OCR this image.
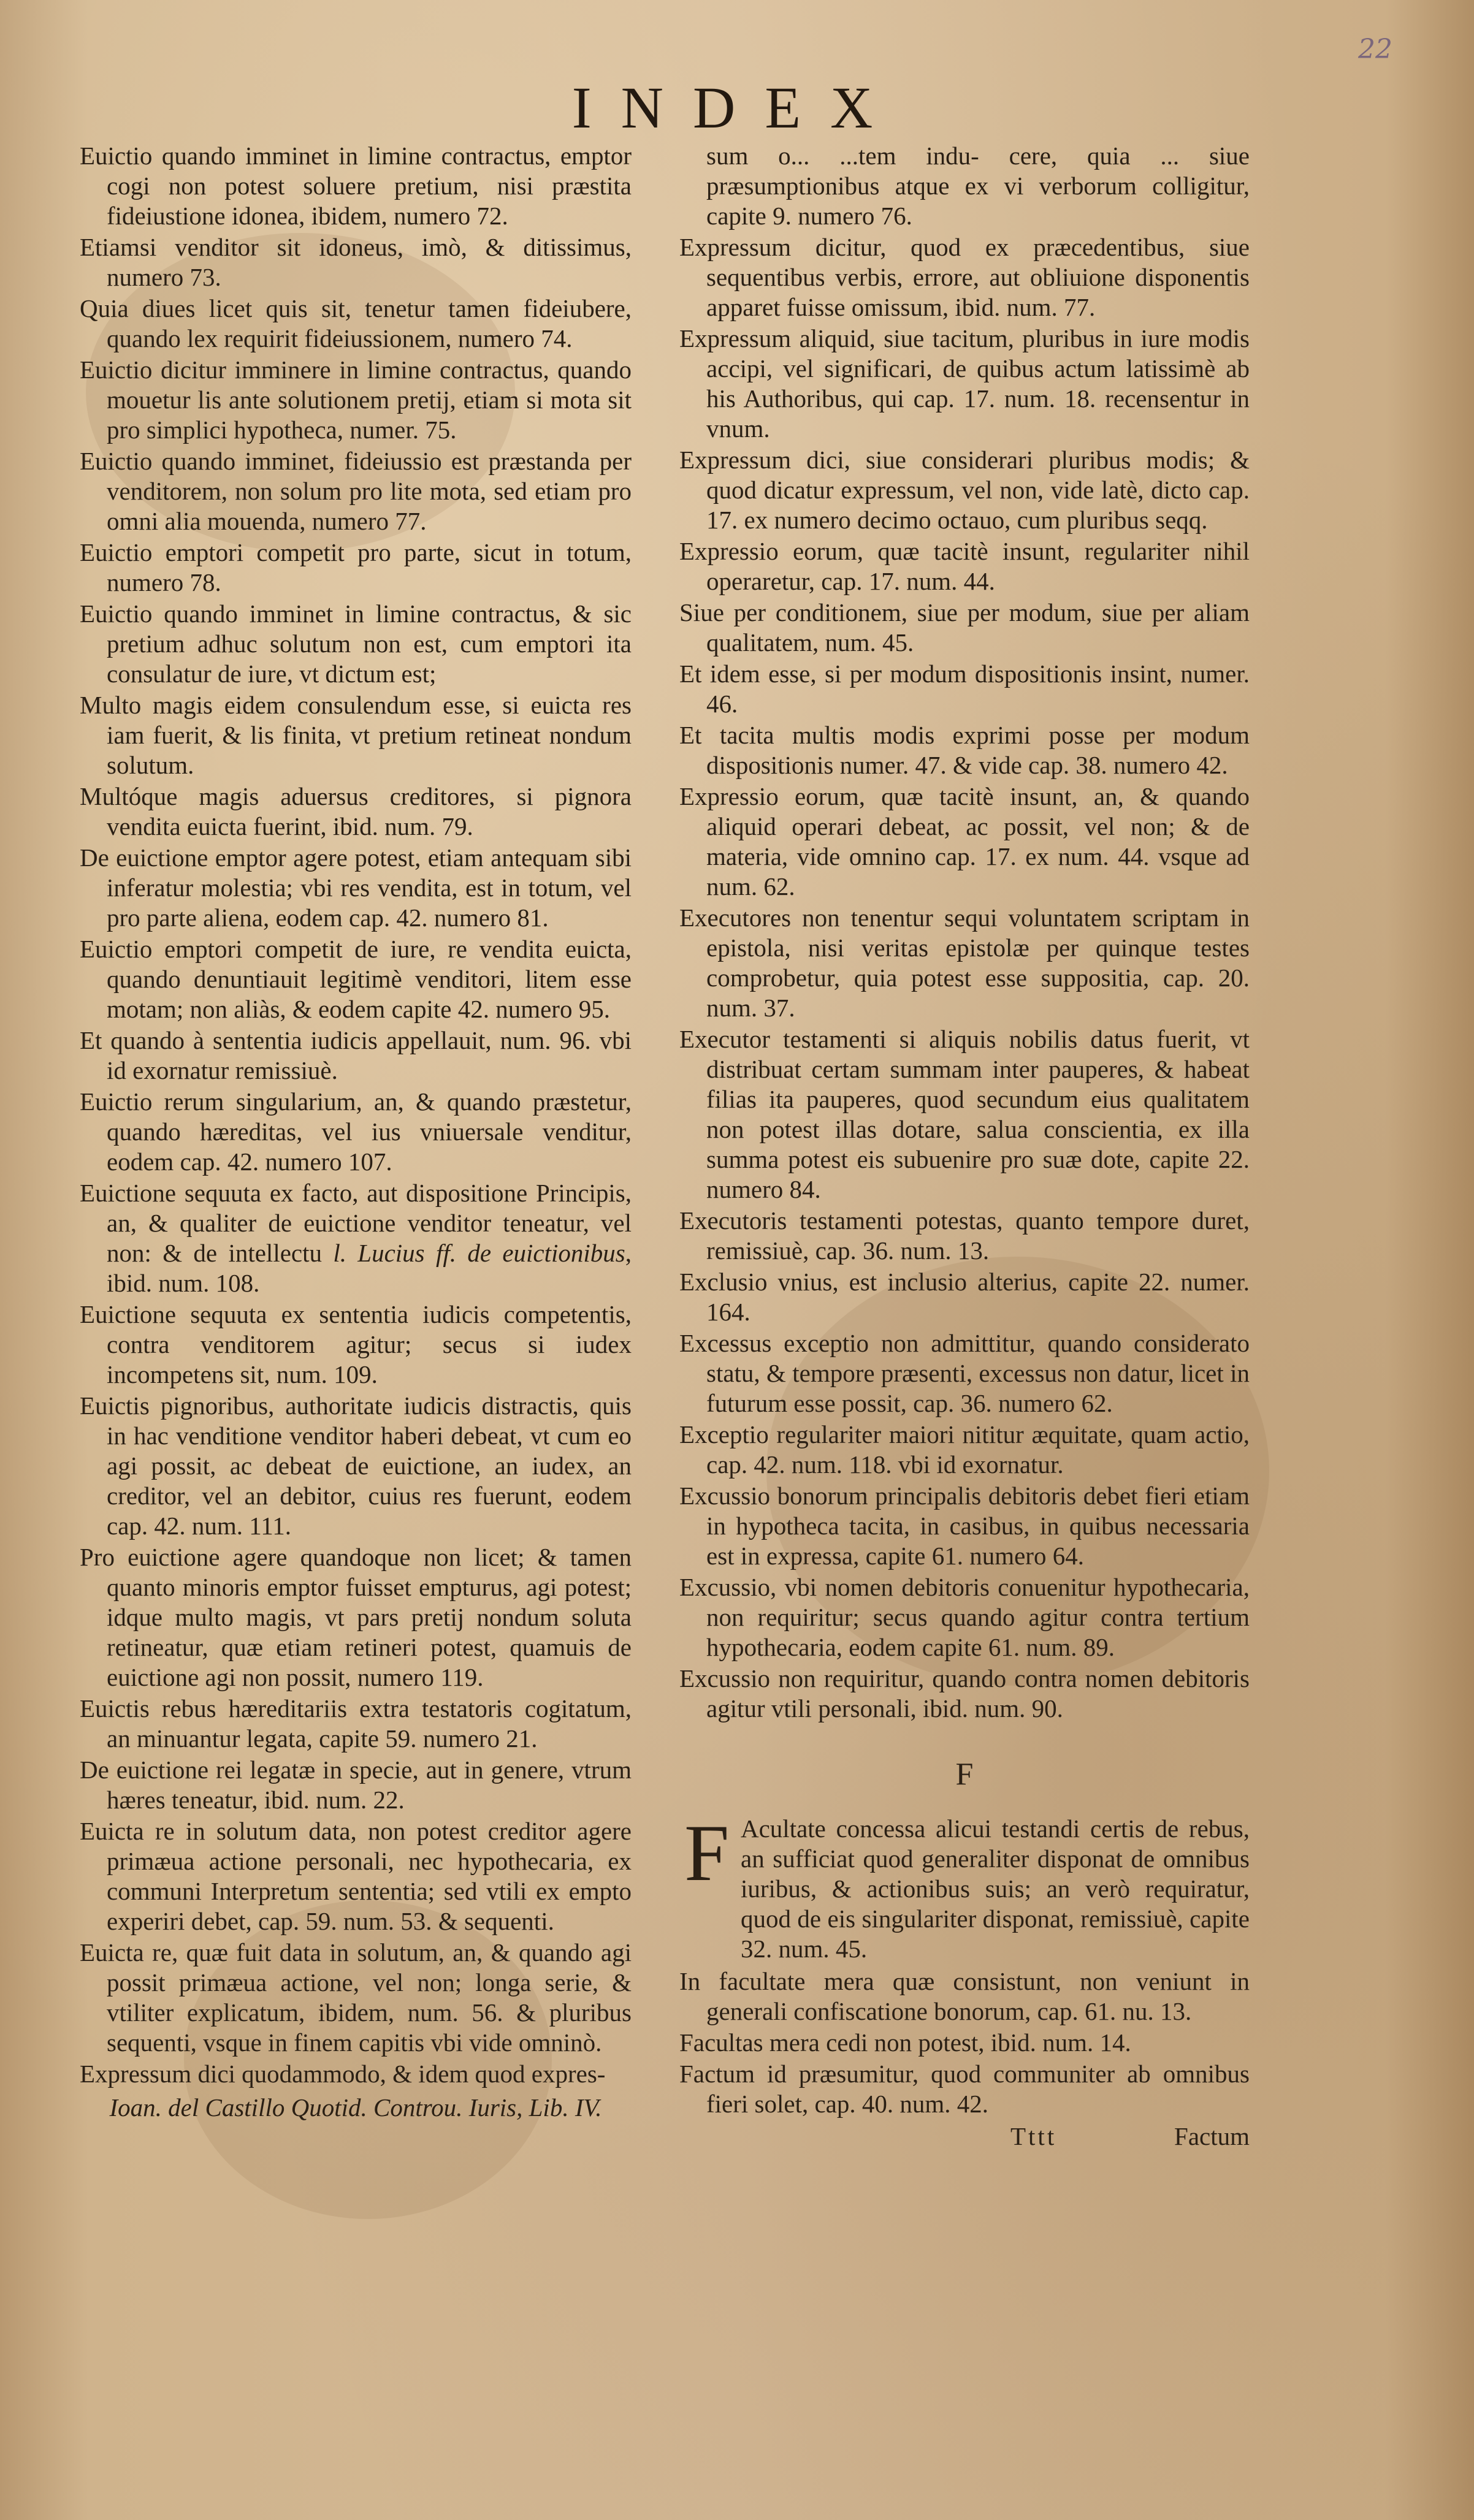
22
INDEX

Euictio quando imminet in limine contractus, emptor cogi non potest soluere pretium, nisi præstita fideiustione idonea, ibidem, numero 72.

Etiamsi venditor sit idoneus, imò, & ditissimus, numero 73.

Quia diues licet quis sit, tenetur tamen fideiubere, quando lex requirit fideiussionem, numero 74.

Euictio dicitur imminere in limine contractus, quando mouetur lis ante solutionem pretij, etiam si mota sit pro simplici hypotheca, numer. 75.

Euictio quando imminet, fideiussio est præstanda per venditorem, non solum pro lite mota, sed etiam pro omni alia mouenda, numero 77.

Euictio emptori competit pro parte, sicut in totum, numero 78.

Euictio quando imminet in limine contractus, & sic pretium adhuc solutum non est, cum emptori ita consulatur de iure, vt dictum est;

Multo magis eidem consulendum esse, si euicta res iam fuerit, & lis finita, vt pretium retineat nondum solutum.

Multóque magis aduersus creditores, si pignora vendita euicta fuerint, ibid. num. 79.

De euictione emptor agere potest, etiam antequam sibi inferatur molestia; vbi res vendita, est in totum, vel pro parte aliena, eodem cap. 42. numero 81.

Euictio emptori competit de iure, re vendita euicta, quando denuntiauit legitimè venditori, litem esse motam; non aliàs, & eodem capite 42. numero 95.

Et quando à sententia iudicis appellauit, num. 96. vbi id exornatur remissiuè.

Euictio rerum singularium, an, & quando præstetur, quando hæreditas, vel ius vniuersale venditur, eodem cap. 42. numero 107.

Euictione sequuta ex facto, aut dispositione Principis, an, & qualiter de euictione venditor teneatur, vel non: & de intellectu l. Lucius ff. de euictionibus, ibid. num. 108.

Euictione sequuta ex sententia iudicis competentis, contra venditorem agitur; secus si iudex incompetens sit, num. 109.

Euictis pignoribus, authoritate iudicis distractis, quis in hac venditione venditor haberi debeat, vt cum eo agi possit, ac debeat de euictione, an iudex, an creditor, vel an debitor, cuius res fuerunt, eodem cap. 42. num. 111.

Pro euictione agere quandoque non licet; & tamen quanto minoris emptor fuisset empturus, agi potest; idque multo magis, vt pars pretij nondum soluta retineatur, quæ etiam retineri potest, quamuis de euictione agi non possit, numero 119.

Euictis rebus hæreditariis extra testatoris cogitatum, an minuantur legata, capite 59. numero 21.

De euictione rei legatæ in specie, aut in genere, vtrum hæres teneatur, ibid. num. 22.

Euicta re in solutum data, non potest creditor agere primæua actione personali, nec hypothecaria, ex communi Interpretum sententia; sed vtili ex empto experiri debet, cap. 59. num. 53. & sequenti.

Euicta re, quæ fuit data in solutum, an, & quando agi possit primæua actione, vel non; longa serie, & vtiliter explicatum, ibidem, num. 56. & pluribus sequenti, vsque in finem capitis vbi vide omninò.

Expressum dici quodammodo, & idem quod expres-

Ioan. del Castillo Quotid. Controu. Iuris, Lib. IV.

sum o... ...tem indu- cere, quia ... siue præsumptionibus atque ex vi verborum colligitur, capite 9. numero 76.

Expressum dicitur, quod ex præcedentibus, siue sequentibus verbis, errore, aut obliuione disponentis apparet fuisse omissum, ibid. num. 77.

Expressum aliquid, siue tacitum, pluribus in iure modis accipi, vel significari, de quibus actum latissimè ab his Authoribus, qui cap. 17. num. 18. recensentur in vnum.

Expressum dici, siue considerari pluribus modis; & quod dicatur expressum, vel non, vide latè, dicto cap. 17. ex numero decimo octauo, cum pluribus seqq.

Expressio eorum, quæ tacitè insunt, regulariter nihil operaretur, cap. 17. num. 44.

Siue per conditionem, siue per modum, siue per aliam qualitatem, num. 45.

Et idem esse, si per modum dispositionis insint, numer. 46.

Et tacita multis modis exprimi posse per modum dispositionis numer. 47. & vide cap. 38. numero 42.

Expressio eorum, quæ tacitè insunt, an, & quando aliquid operari debeat, ac possit, vel non; & de materia, vide omnino cap. 17. ex num. 44. vsque ad num. 62.

Executores non tenentur sequi voluntatem scriptam in epistola, nisi veritas epistolæ per quinque testes comprobetur, quia potest esse suppositia, cap. 20. num. 37.

Executor testamenti si aliquis nobilis datus fuerit, vt distribuat certam summam inter pauperes, & habeat filias ita pauperes, quod secundum eius qualitatem non potest illas dotare, salua conscientia, ex illa summa potest eis subuenire pro suæ dote, capite 22. numero 84.

Executoris testamenti potestas, quanto tempore duret, remissiuè, cap. 36. num. 13.

Exclusio vnius, est inclusio alterius, capite 22. numer. 164.

Excessus exceptio non admittitur, quando considerato statu, & tempore præsenti, excessus non datur, licet in futurum esse possit, cap. 36. numero 62.

Exceptio regulariter maiori nititur æquitate, quam actio, cap. 42. num. 118. vbi id exornatur.

Excussio bonorum principalis debitoris debet fieri etiam in hypotheca tacita, in casibus, in quibus necessaria est in expressa, capite 61. numero 64.

Excussio, vbi nomen debitoris conuenitur hypothecaria, non requiritur; secus quando agitur contra tertium hypothecaria, eodem capite 61. num. 89.

Excussio non requiritur, quando contra nomen debitoris agitur vtili personali, ibid. num. 90.

F

F Acultate concessa alicui testandi certis de rebus, an sufficiat quod generaliter disponat de omnibus iuribus, & actionibus suis; an verò requiratur, quod de eis singulariter disponat, remissiuè, capite 32. num. 45.

In facultate mera quæ consistunt, non veniunt in generali confiscatione bonorum, cap. 61. nu. 13.

Facultas mera cedi non potest, ibid. num. 14.

Factum id præsumitur, quod communiter ab omnibus fieri solet, cap. 40. num. 42.

Tttt	Factum
